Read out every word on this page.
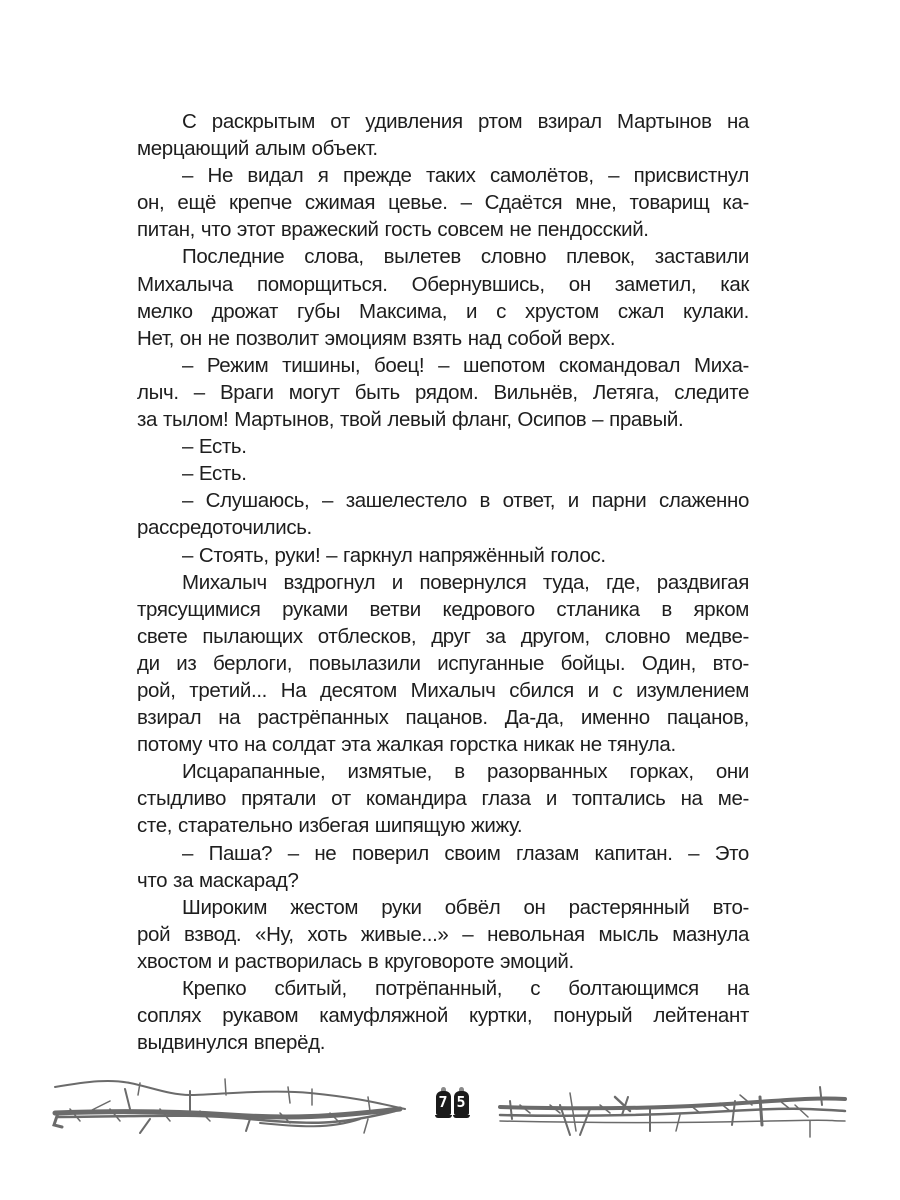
С раскрытым от удивления ртом взирал Мартынов на
мерцающий алым объект.
– Не видал я прежде таких самолётов, – присвистнул
он, ещё крепче сжимая цевье. – Сдаётся мне, товарищ ка-
питан, что этот вражеский гость совсем не пендосский.
Последние слова, вылетев словно плевок, заставили
Михалыча поморщиться. Обернувшись, он заметил, как
мелко дрожат губы Максима, и с хрустом сжал кулаки.
Нет, он не позволит эмоциям взять над собой верх.
– Режим тишины, боец! – шепотом скомандовал Миха-
лыч. – Враги могут быть рядом. Вильнёв, Летяга, следите
за тылом! Мартынов, твой левый фланг, Осипов – правый.
– Есть.
– Есть.
– Слушаюсь, – зашелестело в ответ, и парни слаженно
рассредоточились.
– Стоять, руки! – гаркнул напряжённый голос.
Михалыч вздрогнул и повернулся туда, где, раздвигая
трясущимися руками ветви кедрового стланика в ярком
свете пылающих отблесков, друг за другом, словно медве-
ди из берлоги, повылазили испуганные бойцы. Один, вто-
рой, третий... На десятом Михалыч сбился и с изумлением
взирал на растрёпанных пацанов. Да-да, именно пацанов,
потому что на солдат эта жалкая горстка никак не тянула.
Исцарапанные, измятые, в разорванных горках, они
стыдливо прятали от командира глаза и топтались на ме-
сте, старательно избегая шипящую жижу.
– Паша? – не поверил своим глазам капитан. – Это
что за маскарад?
Широким жестом руки обвёл он растерянный вто-
рой взвод. «Ну, хоть живые...» – невольная мысль мазнула
хвостом и растворилась в круговороте эмоций.
Крепко сбитый, потрёпанный, с болтающимся на
соплях рукавом камуфляжной куртки, понурый лейтенант
выдвинулся вперёд.
7 5
